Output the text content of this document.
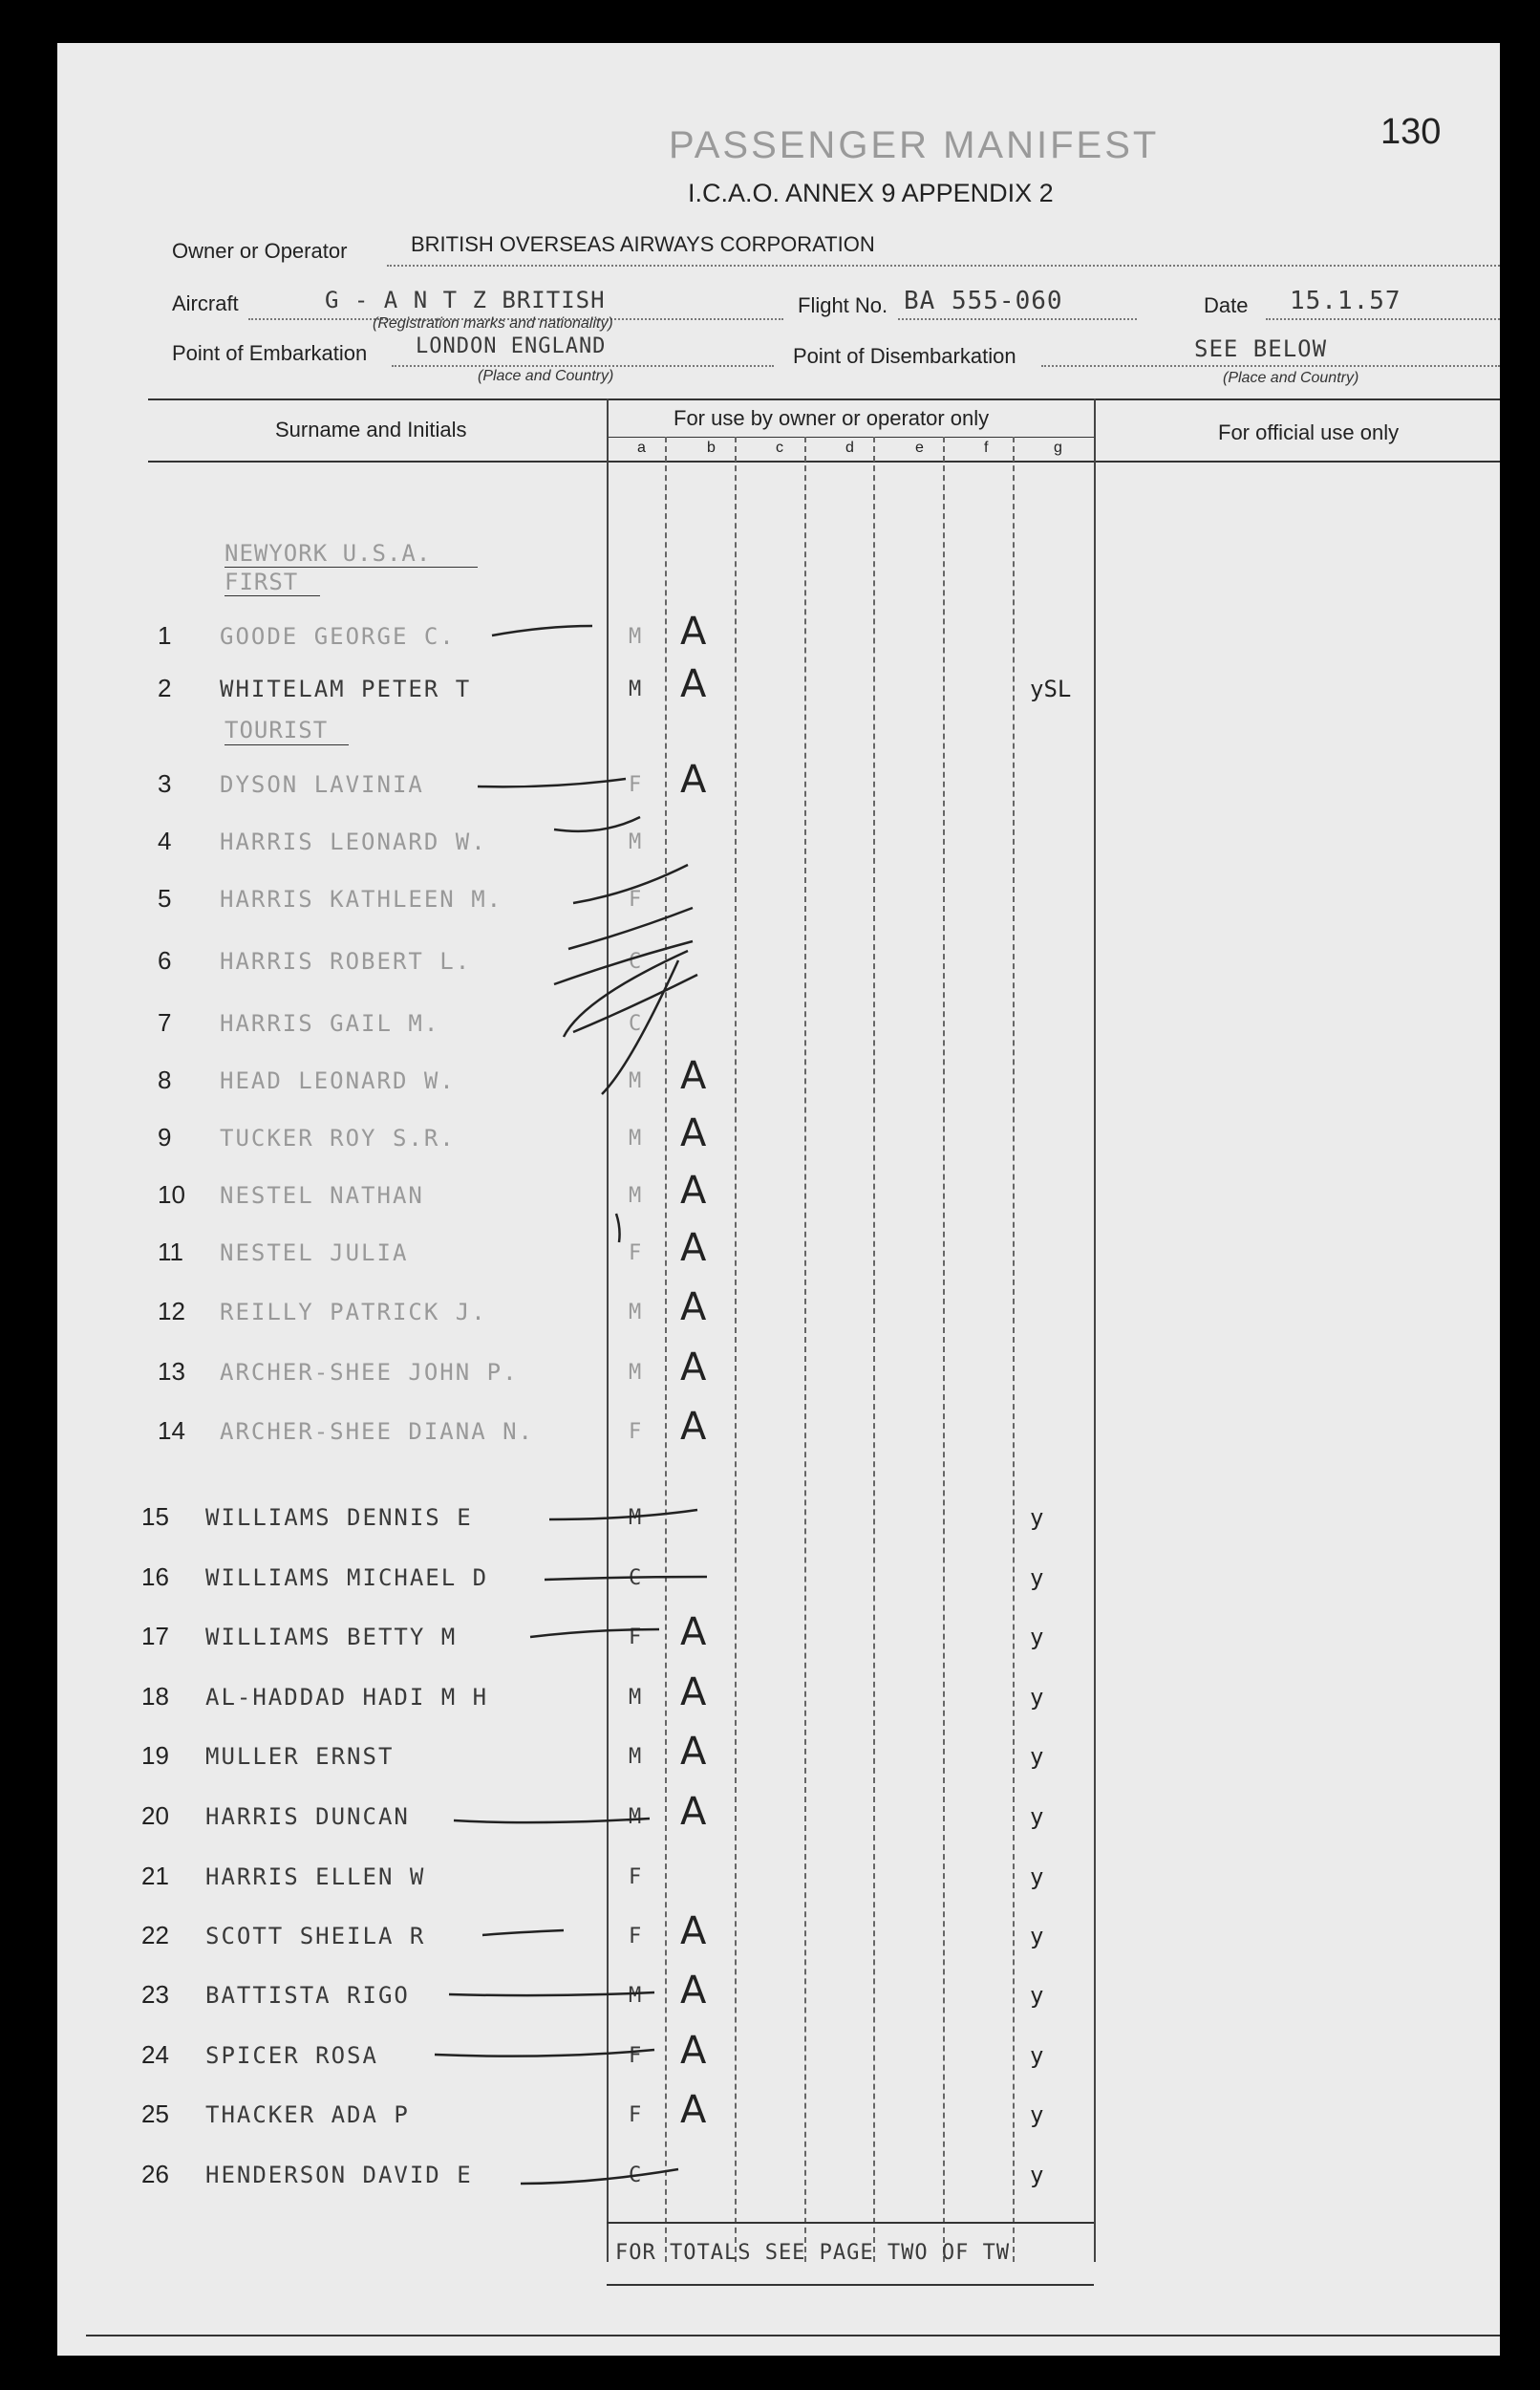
PASSENGER MANIFEST	130
I.C.A.O. ANNEX 9 APPENDIX 2
Owner or Operator	BRITISH OVERSEAS AIRWAYS CORPORATION
Aircraft	G - A N T Z BRITISH
(Registration marks and nationality)
Flight No. BA 555-060	Date 15.1.57
Point of Embarkation LONDON ENGLAND
(Place and Country)
Point of Disembarkation	SEE BELOW
(Place and Country)
Surname and Initials	For use by owner or operator only
For official use only
a	b	c	d	e	f	g
NEWYORK U.S.A.
FIRST
1 GOODE GEORGE C.	M A
2 WHITELAM PETER T	M A	ySL
3 DYSON LAVINIA	F A
4 HARRIS LEONARD W.	M
5 HARRIS KATHLEEN M.	F
6 HARRIS ROBERT L.	C
7 HARRIS GAIL M.	C
8 HEAD LEONARD W.	M A
9 TUCKER ROY S.R.	M A
10 NESTEL NATHAN	M A
11 NESTEL JULIA	F A
12 REILLY PATRICK J.	M A
13 ARCHER-SHEE JOHN P.	M A
14 ARCHER-SHEE DIANA N.	F A
15 WILLIAMS DENNIS E	M	y
16 WILLIAMS MICHAEL D	C	y
17 WILLIAMS BETTY M	F A	y
18 AL-HADDAD HADI M H	M A	y
19 MULLER ERNST	M A	y
20 HARRIS DUNCAN	M A	y
21 HARRIS ELLEN W	F	y
22 SCOTT SHEILA R	F A	y
23 BATTISTA RIGO	M A	y
24 SPICER ROSA	F A	y
25 THACKER ADA P	F A	y
26 HENDERSON DAVID E	C	y
TOURIST
FOR TOTALS SEE PAGE TWO OF TW
